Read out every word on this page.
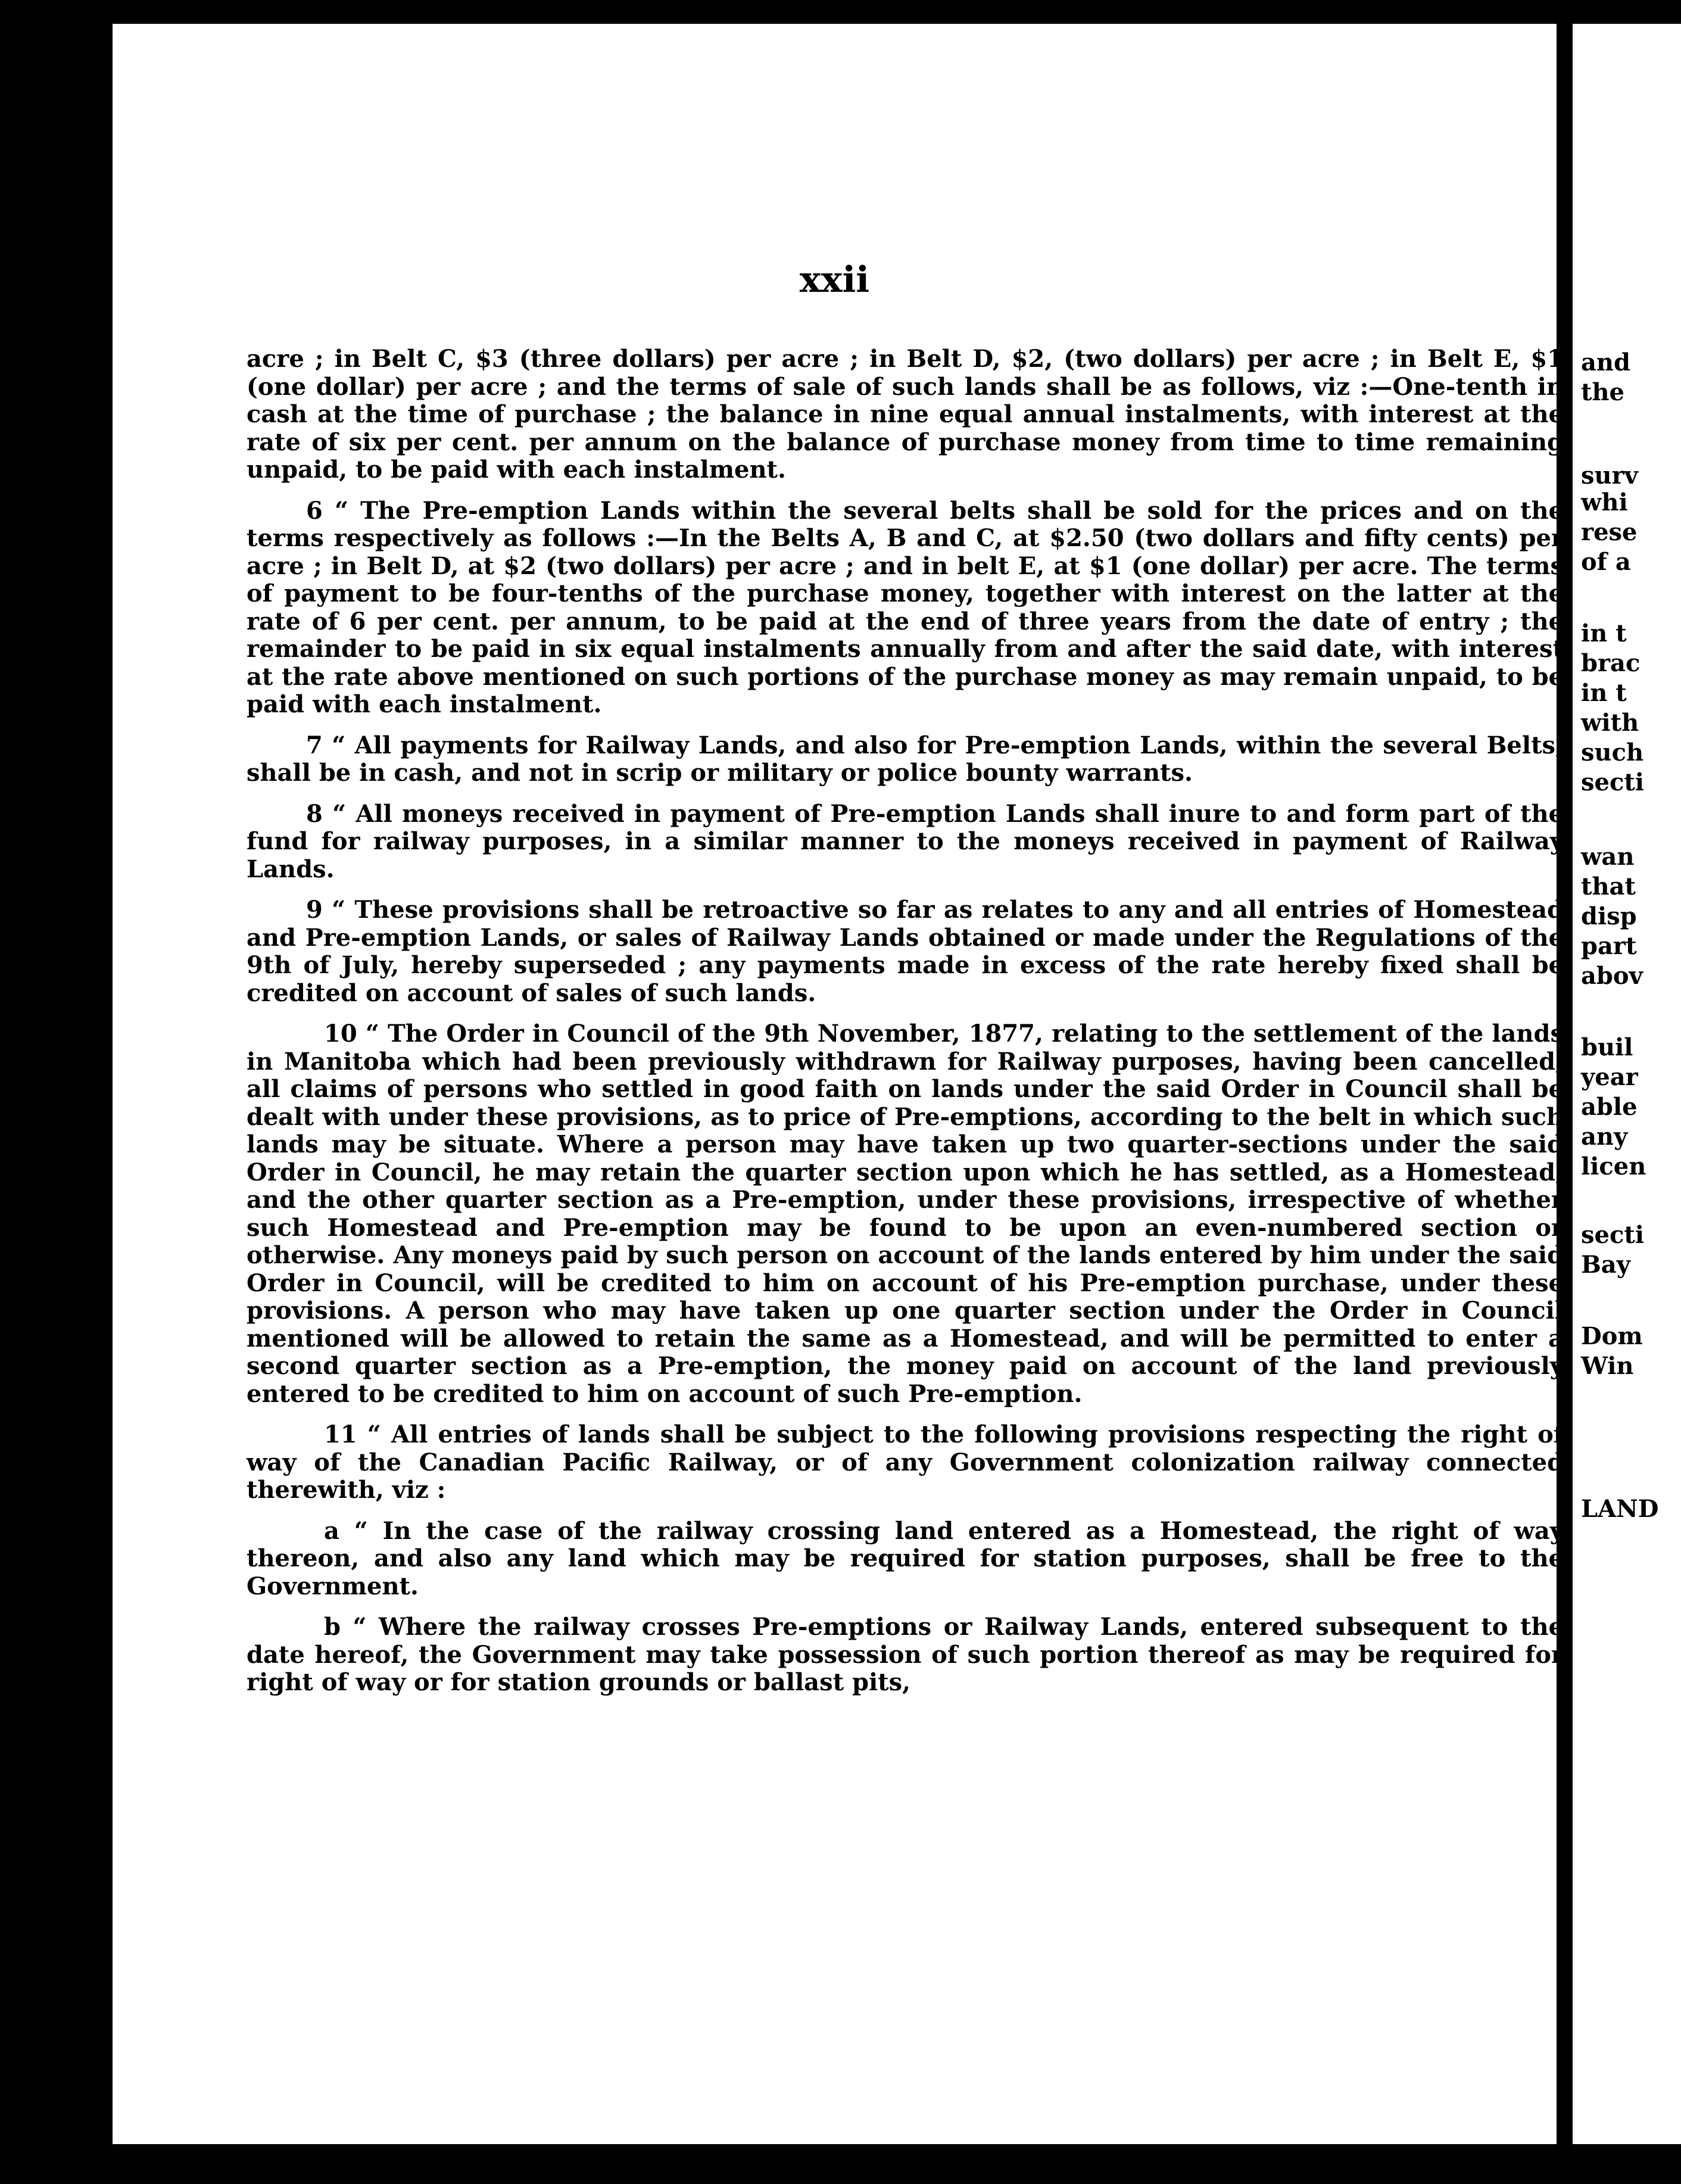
xxii

acre ; in Belt C, $3 (three dollars) per acre ; in Belt D, $2, (two dollars) per acre ; in Belt E, $1 (one dollar) per acre ; and the terms of sale of such lands shall be as follows, viz :—One-tenth in cash at the time of purchase ; the balance in nine equal annual instalments, with interest at the rate of six per cent. per annum on the balance of purchase money from time to time remaining unpaid, to be paid with each instalment.

6 “ The Pre-emption Lands within the several belts shall be sold for the prices and on the terms respectively as follows :—In the Belts A, B and C, at $2.50 (two dollars and fifty cents) per acre ; in Belt D, at $2 (two dollars) per acre ; and in belt E, at $1 (one dollar) per acre. The terms of payment to be four-tenths of the purchase money, together with interest on the latter at the rate of 6 per cent. per annum, to be paid at the end of three years from the date of entry ; the remainder to be paid in six equal instalments annually from and after the said date, with interest at the rate above mentioned on such portions of the purchase money as may remain unpaid, to be paid with each instalment.

7 “ All payments for Railway Lands, and also for Pre-emption Lands, within the several Belts, shall be in cash, and not in scrip or military or police bounty warrants.

8 “ All moneys received in payment of Pre-emption Lands shall inure to and form part of the fund for railway purposes, in a similar manner to the moneys received in payment of Railway Lands.

9 “ These provisions shall be retroactive so far as relates to any and all entries of Homestead and Pre-emption Lands, or sales of Railway Lands obtained or made under the Regulations of the 9th of July, hereby superseded ; any payments made in excess of the rate hereby fixed shall be credited on account of sales of such lands.

10 “ The Order in Council of the 9th November, 1877, relating to the settlement of the lands in Manitoba which had been previously withdrawn for Railway purposes, having been cancelled, all claims of persons who settled in good faith on lands under the said Order in Council shall be dealt with under these provisions, as to price of Pre-emptions, according to the belt in which such lands may be situate. Where a person may have taken up two quarter-sections under the said Order in Council, he may retain the quarter section upon which he has settled, as a Homestead, and the other quarter section as a Pre-emption, under these provisions, irrespective of whether such Homestead and Pre-emption may be found to be upon an even-numbered section or otherwise. Any moneys paid by such person on account of the lands entered by him under the said Order in Council, will be credited to him on account of his Pre-emption purchase, under these provisions. A person who may have taken up one quarter section under the Order in Council mentioned will be allowed to retain the same as a Homestead, and will be permitted to enter a second quarter section as a Pre-emption, the money paid on account of the land previously entered to be credited to him on account of such Pre-emption.

11 “ All entries of lands shall be subject to the following provisions respecting the right of way of the Canadian Pacific Railway, or of any Government colonization railway connected therewith, viz :

a “ In the case of the railway crossing land entered as a Homestead, the right of way thereon, and also any land which may be required for station purposes, shall be free to the Government.

b “ Where the railway crosses Pre-emptions or Railway Lands, entered subsequent to the date hereof, the Government may take possession of such portion thereof as may be required for right of way or for station grounds or ballast pits,

and
the
surv
whi
rese
of a
in t
brac
in t
with
such
secti
wan
that
disp
part
abov
buil
year
able
any
licen
secti
Bay
Dom
Win
LAND
